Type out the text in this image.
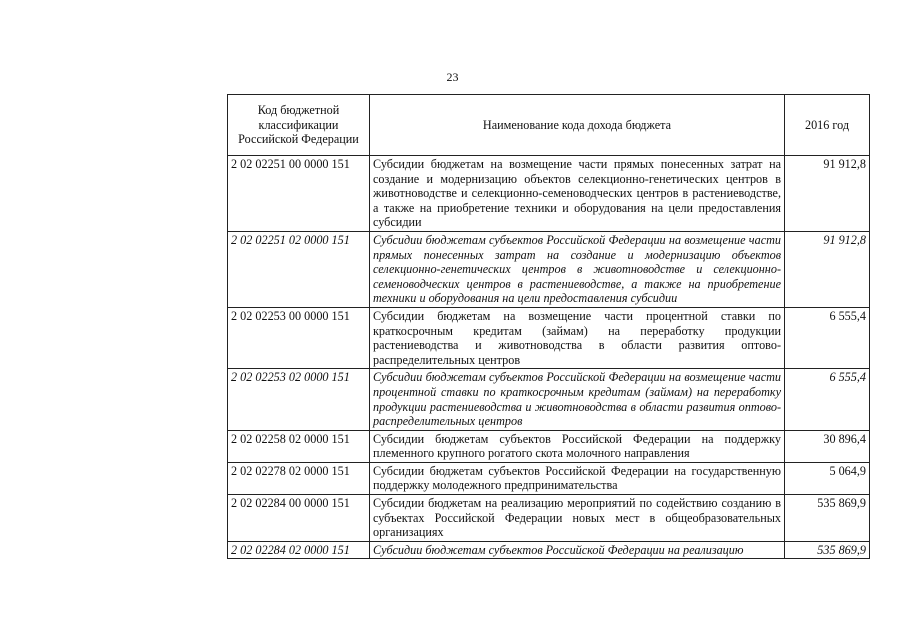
23
Код бюджетной классификации Российской Федерации	Наименование кода дохода бюджета	2016 год
2 02 02251 00 0000 151	Субсидии бюджетам на возмещение части прямых понесенных затрат на создание и модернизацию объектов селекционно-генетических центров в животноводстве и селекционно-семеноводческих центров в растениеводстве, а также на приобретение техники и оборудования на цели предоставления субсидии	91 912,8
2 02 02251 02 0000 151	Субсидии бюджетам субъектов Российской Федерации на возмещение части прямых понесенных затрат на создание и модернизацию объектов селекционно-генетических центров в животноводстве и селекционно-семеноводческих центров в растениеводстве, а также на приобретение техники и оборудования на цели предоставления субсидии	91 912,8
2 02 02253 00 0000 151	Субсидии бюджетам на возмещение части процентной ставки по краткосрочным кредитам (займам) на переработку продукции растениеводства и животноводства в области развития оптово-распределительных центров	6 555,4
2 02 02253 02 0000 151	Субсидии бюджетам субъектов Российской Федерации на возмещение части процентной ставки по краткосрочным кредитам (займам) на переработку продукции растениеводства и животноводства в области развития оптово-распределительных центров	6 555,4
2 02 02258 02 0000 151	Субсидии бюджетам субъектов Российской Федерации на поддержку племенного крупного рогатого скота молочного направления	30 896,4
2 02 02278 02 0000 151	Субсидии бюджетам субъектов Российской Федерации на государственную поддержку молодежного предпринимательства	5 064,9
2 02 02284 00 0000 151	Субсидии бюджетам на реализацию мероприятий по содействию созданию в субъектах Российской Федерации новых мест в общеобразовательных организациях	535 869,9
2 02 02284 02 0000 151	Субсидии бюджетам субъектов Российской Федерации на реализацию	535 869,9
